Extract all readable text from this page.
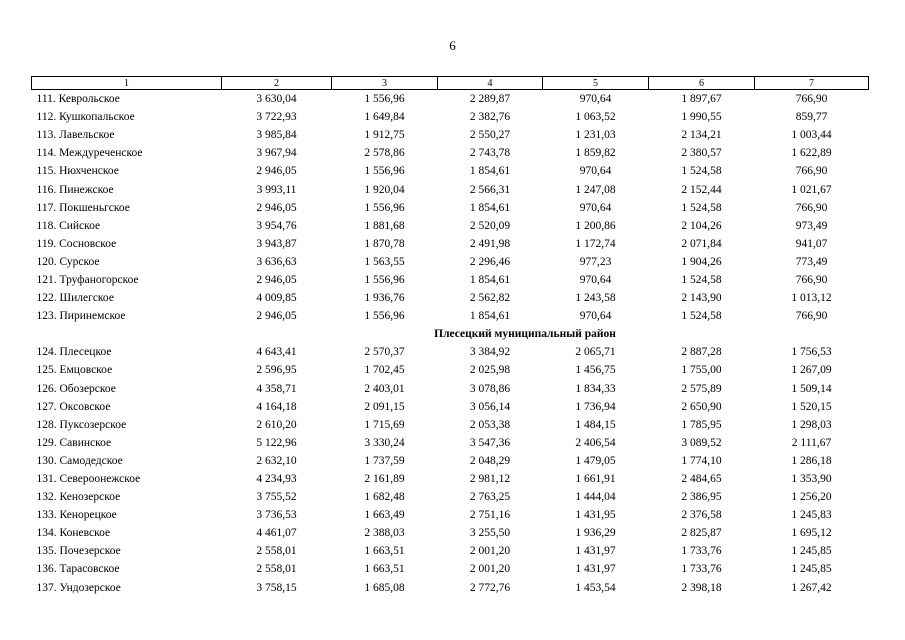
6
1	2	3	4	5	6	7
111. Кеврольское	3 630,04	1 556,96	2 289,87	970,64	1 897,67	766,90
112. Кушкопальское	3 722,93	1 649,84	2 382,76	1 063,52	1 990,55	859,77
113. Лавельское	3 985,84	1 912,75	2 550,27	1 231,03	2 134,21	1 003,44
114. Междуреченское	3 967,94	2 578,86	2 743,78	1 859,82	2 380,57	1 622,89
115. Нюхченское	2 946,05	1 556,96	1 854,61	970,64	1 524,58	766,90
116. Пинежское	3 993,11	1 920,04	2 566,31	1 247,08	2 152,44	1 021,67
117. Покшеньгское	2 946,05	1 556,96	1 854,61	970,64	1 524,58	766,90
118. Сийское	3 954,76	1 881,68	2 520,09	1 200,86	2 104,26	973,49
119. Сосновское	3 943,87	1 870,78	2 491,98	1 172,74	2 071,84	941,07
120. Сурское	3 636,63	1 563,55	2 296,46	977,23	1 904,26	773,49
121. Труфаногорское	2 946,05	1 556,96	1 854,61	970,64	1 524,58	766,90
122. Шилегское	4 009,85	1 936,76	2 562,82	1 243,58	2 143,90	1 013,12
123. Пиринемское	2 946,05	1 556,96	1 854,61	970,64	1 524,58	766,90
Плесецкий муниципальный район						
124. Плесецкое	4 643,41	2 570,37	3 384,92	2 065,71	2 887,28	1 756,53
125. Емцовское	2 596,95	1 702,45	2 025,98	1 456,75	1 755,00	1 267,09
126. Обозерское	4 358,71	2 403,01	3 078,86	1 834,33	2 575,89	1 509,14
127. Оксовское	4 164,18	2 091,15	3 056,14	1 736,94	2 650,90	1 520,15
128. Пуксозерское	2 610,20	1 715,69	2 053,38	1 484,15	1 785,95	1 298,03
129. Савинское	5 122,96	3 330,24	3 547,36	2 406,54	3 089,52	2 111,67
130. Самодедское	2 632,10	1 737,59	2 048,29	1 479,05	1 774,10	1 286,18
131. Североонежское	4 234,93	2 161,89	2 981,12	1 661,91	2 484,65	1 353,90
132. Кенозерское	3 755,52	1 682,48	2 763,25	1 444,04	2 386,95	1 256,20
133. Кенорецкое	3 736,53	1 663,49	2 751,16	1 431,95	2 376,58	1 245,83
134. Коневское	4 461,07	2 388,03	3 255,50	1 936,29	2 825,87	1 695,12
135. Почезерское	2 558,01	1 663,51	2 001,20	1 431,97	1 733,76	1 245,85
136. Тарасовское	2 558,01	1 663,51	2 001,20	1 431,97	1 733,76	1 245,85
137. Ундозерское	3 758,15	1 685,08	2 772,76	1 453,54	2 398,18	1 267,42
